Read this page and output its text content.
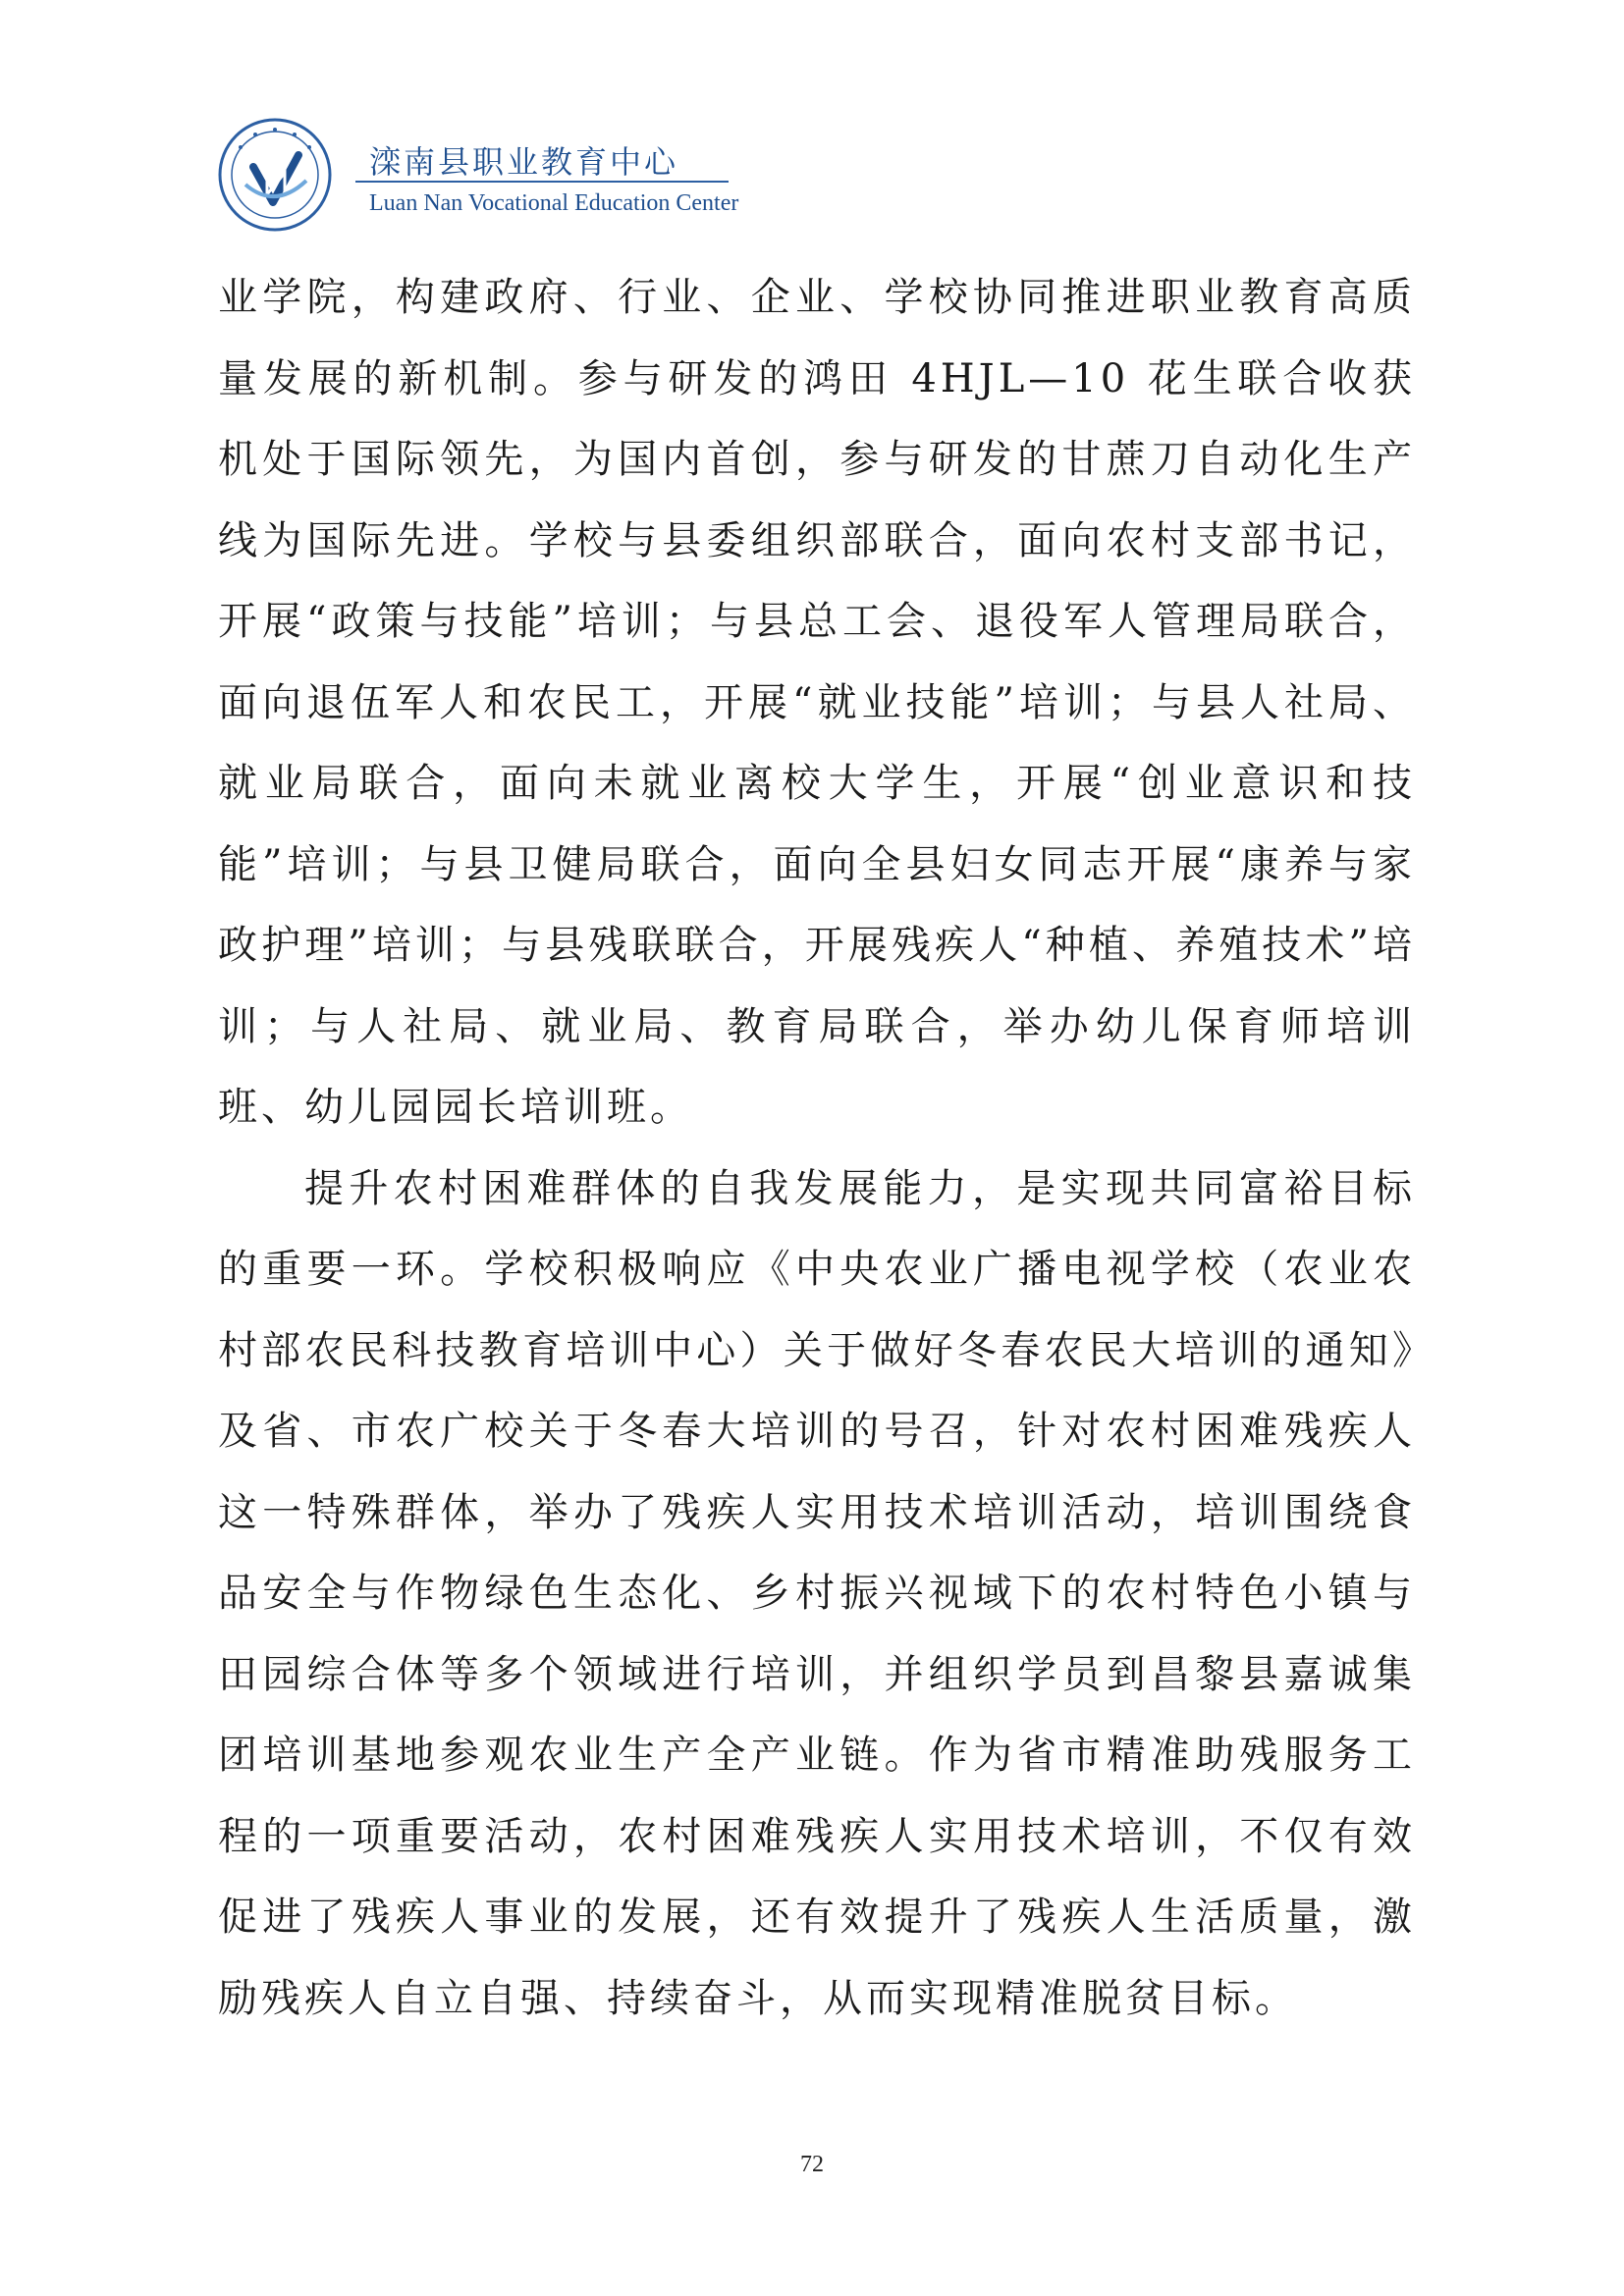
滦南县职业教育中心
Luan Nan Vocational Education Center

业学院，构建政府、行业、企业、学校协同推进职业教育高质量发展的新机制。参与研发的鸿田 4HJL—10 花生联合收获机处于国际领先，为国内首创，参与研发的甘蔗刀自动化生产线为国际先进。学校与县委组织部联合，面向农村支部书记，开展“政策与技能”培训；与县总工会、退役军人管理局联合，面向退伍军人和农民工，开展“就业技能”培训；与县人社局、就业局联合，面向未就业离校大学生，开展“创业意识和技能”培训；与县卫健局联合，面向全县妇女同志开展“康养与家政护理”培训；与县残联联合，开展残疾人“种植、养殖技术”培训；与人社局、就业局、教育局联合，举办幼儿保育师培训班、幼儿园园长培训班。

提升农村困难群体的自我发展能力，是实现共同富裕目标的重要一环。学校积极响应《中央农业广播电视学校（农业农村部农民科技教育培训中心）关于做好冬春农民大培训的通知》及省、市农广校关于冬春大培训的号召，针对农村困难残疾人这一特殊群体，举办了残疾人实用技术培训活动，培训围绕食品安全与作物绿色生态化、乡村振兴视域下的农村特色小镇与田园综合体等多个领域进行培训，并组织学员到昌黎县嘉诚集团培训基地参观农业生产全产业链。作为省市精准助残服务工程的一项重要活动，农村困难残疾人实用技术培训，不仅有效促进了残疾人事业的发展，还有效提升了残疾人生活质量，激励残疾人自立自强、持续奋斗，从而实现精准脱贫目标。

72
